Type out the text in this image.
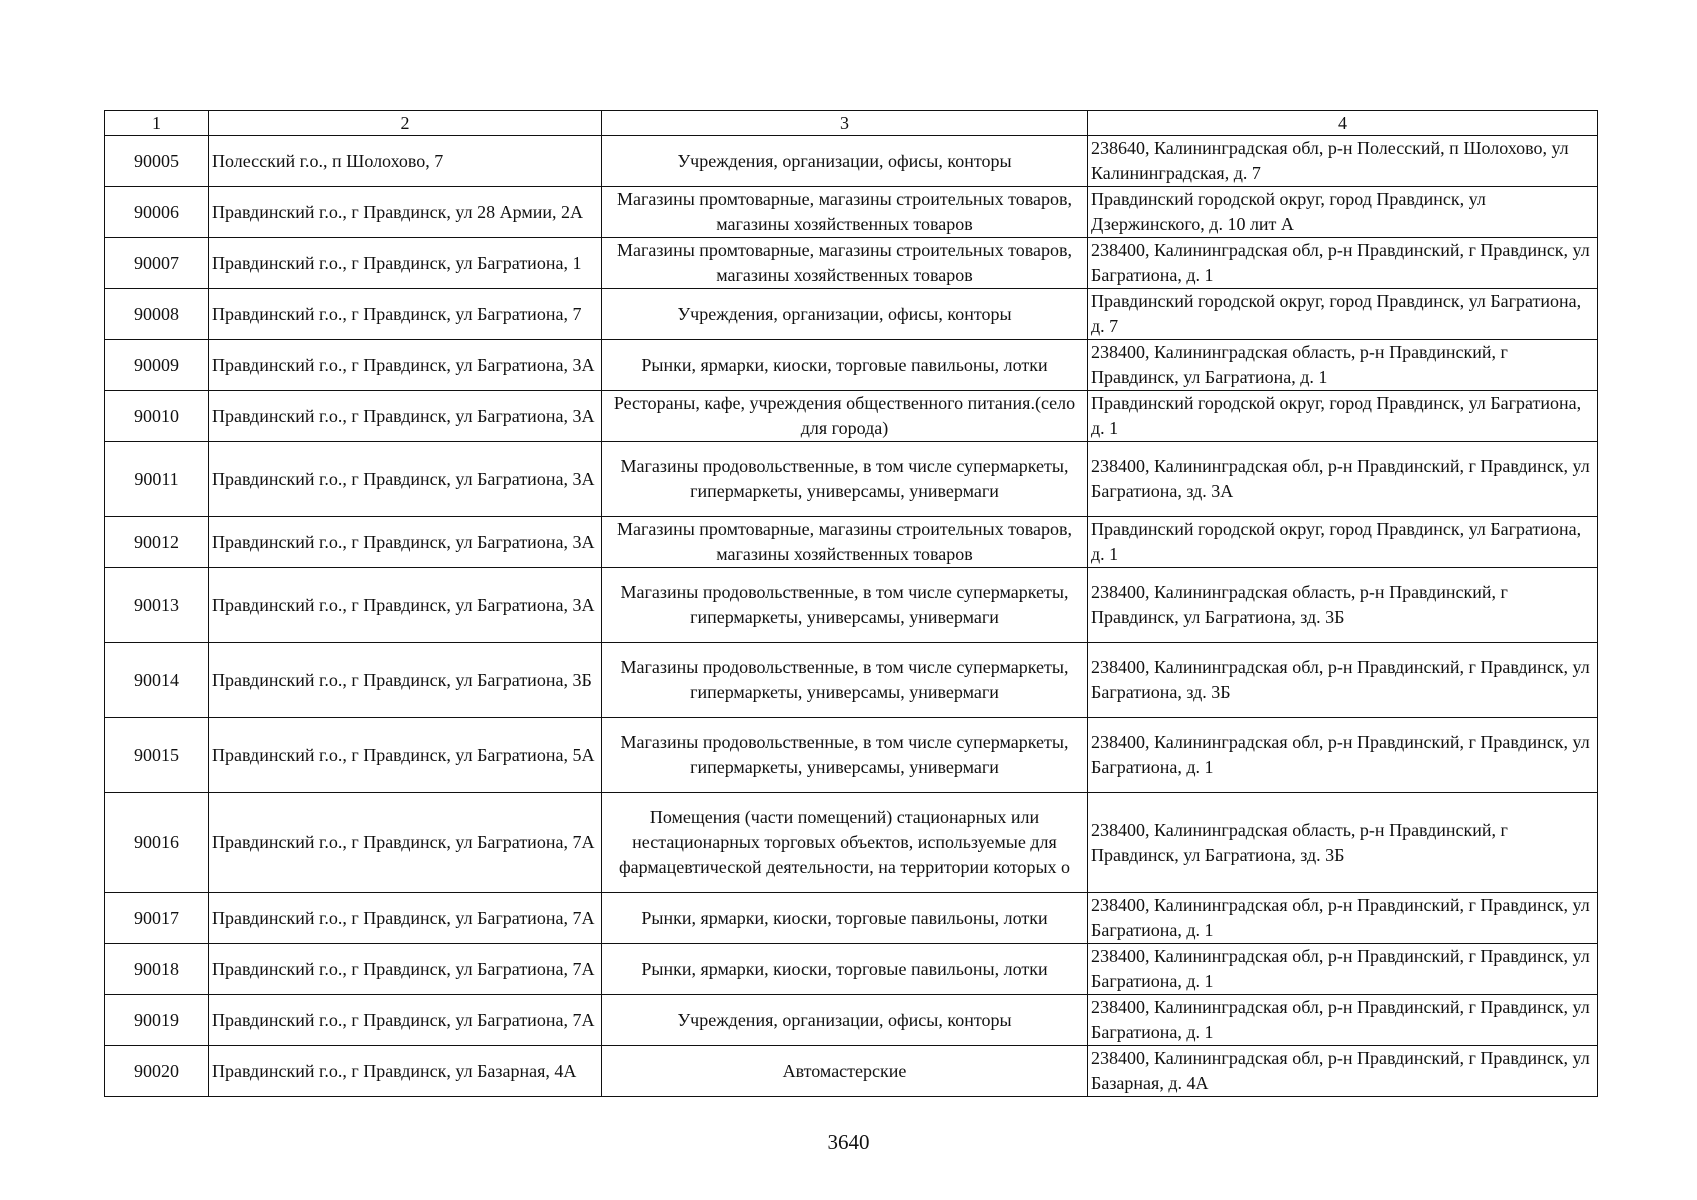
1	2	3	4
90005	Полесский г.о., п Шолохово, 7	Учреждения, организации, офисы, конторы	238640, Калининградская обл, р-н Полесский, п Шолохово, ул Калининградская, д. 7
90006	Правдинский г.о., г Правдинск, ул 28 Армии, 2А	Магазины промтоварные, магазины строительных товаров, магазины хозяйственных товаров	Правдинский городской округ, город Правдинск, ул Дзержинского, д. 10 лит А
90007	Правдинский г.о., г Правдинск, ул Багратиона, 1	Магазины промтоварные, магазины строительных товаров, магазины хозяйственных товаров	238400, Калининградская обл, р-н Правдинский, г Правдинск, ул Багратиона, д. 1
90008	Правдинский г.о., г Правдинск, ул Багратиона, 7	Учреждения, организации, офисы, конторы	Правдинский городской округ, город Правдинск, ул Багратиона, д. 7
90009	Правдинский г.о., г Правдинск, ул Багратиона, 3А	Рынки, ярмарки, киоски, торговые павильоны, лотки	238400, Калининградская область, р-н Правдинский, г Правдинск, ул Багратиона, д. 1
90010	Правдинский г.о., г Правдинск, ул Багратиона, 3А	Рестораны, кафе, учреждения общественного питания.(село для города)	Правдинский городской округ, город Правдинск, ул Багратиона, д. 1
90011	Правдинский г.о., г Правдинск, ул Багратиона, 3А	Магазины продовольственные, в том числе супермаркеты, гипермаркеты, универсамы, универмаги	238400, Калининградская обл, р-н Правдинский, г Правдинск, ул Багратиона, зд. 3А
90012	Правдинский г.о., г Правдинск, ул Багратиона, 3А	Магазины промтоварные, магазины строительных товаров, магазины хозяйственных товаров	Правдинский городской округ, город Правдинск, ул Багратиона, д. 1
90013	Правдинский г.о., г Правдинск, ул Багратиона, 3А	Магазины продовольственные, в том числе супермаркеты, гипермаркеты, универсамы, универмаги	238400, Калининградская область, р-н Правдинский, г Правдинск, ул Багратиона, зд. 3Б
90014	Правдинский г.о., г Правдинск, ул Багратиона, 3Б	Магазины продовольственные, в том числе супермаркеты, гипермаркеты, универсамы, универмаги	238400, Калининградская обл, р-н Правдинский, г Правдинск, ул Багратиона, зд. 3Б
90015	Правдинский г.о., г Правдинск, ул Багратиона, 5А	Магазины продовольственные, в том числе супермаркеты, гипермаркеты, универсамы, универмаги	238400, Калининградская обл, р-н Правдинский, г Правдинск, ул Багратиона, д. 1
90016	Правдинский г.о., г Правдинск, ул Багратиона, 7А	Помещения (части помещений) стационарных или нестационарных торговых объектов, используемые для фармацевтической деятельности, на территории которых о	238400, Калининградская область, р-н Правдинский, г Правдинск, ул Багратиона, зд. 3Б
90017	Правдинский г.о., г Правдинск, ул Багратиона, 7А	Рынки, ярмарки, киоски, торговые павильоны, лотки	238400, Калининградская обл, р-н Правдинский, г Правдинск, ул Багратиона, д. 1
90018	Правдинский г.о., г Правдинск, ул Багратиона, 7А	Рынки, ярмарки, киоски, торговые павильоны, лотки	238400, Калининградская обл, р-н Правдинский, г Правдинск, ул Багратиона, д. 1
90019	Правдинский г.о., г Правдинск, ул Багратиона, 7А	Учреждения, организации, офисы, конторы	238400, Калининградская обл, р-н Правдинский, г Правдинск, ул Багратиона, д. 1
90020	Правдинский г.о., г Правдинск, ул Базарная, 4А	Автомастерские	238400, Калининградская обл, р-н Правдинский, г Правдинск, ул Базарная, д. 4А
3640
